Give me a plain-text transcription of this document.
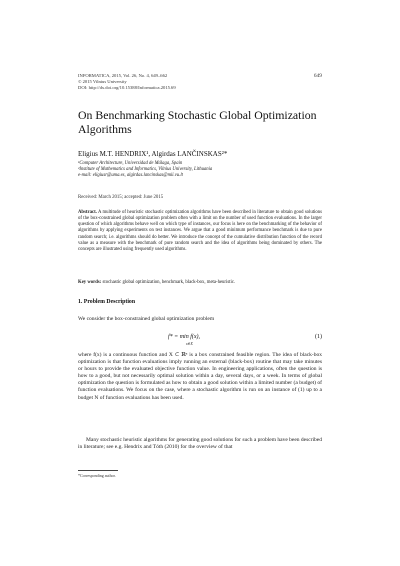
INFORMATICA, 2015, Vol. 26, No. 4, 649–662
© 2015 Vilnius University
DOI: http://dx.doi.org/10.15388/Informatica.2015.69
649
On Benchmarking Stochastic Global Optimization Algorithms
Eligius M.T. HENDRIX¹, Algirdas LANČINSKAS²*
¹Computer Architecture, Universidad de Málaga, Spain
²Institute of Mathematics and Informatics, Vilnius University, Lithuania
e-mail: eligiusr@uma.es, algirdas.lancinskas@mii.vu.lt
Received: March 2015; accepted: June 2015
Abstract. A multitude of heuristic stochastic optimization algorithms have been described in literature to obtain good solutions of the box-constrained global optimization problem often with a limit on the number of used function evaluations. In the larger question of which algorithms behave well on which type of instances, our focus is here on the benchmarking of the behavior of algorithms by applying experiments on test instances. We argue that a good minimum performance benchmark is due to pure random search; i.e. algorithms should do better. We introduce the concept of the cumulative distribution function of the record value as a measure with the benchmark of pure random search and the idea of algorithms being dominated by others. The concepts are illustrated using frequently used algorithms.
Key words: stochastic global optimization, benchmark, black-box, meta-heuristic.
1. Problem Description
We consider the box-constrained global optimization problem
f* = min f(x),
x∈X
(1)
where f(x) is a continuous function and X ⊂ ℝⁿ is a box constrained feasible region. The idea of black-box optimization is that function evaluations imply running an external (black-box) routine that may take minutes or hours to provide the evaluated objective function value. In engineering applications, often the question is how to a good, but not necessarily optimal solution within a day, several days, or a week. In terms of global optimization the question is formulated as how to obtain a good solution within a limited number (a budget) of function evaluations. We focus on the case, where a stochastic algorithm is run on an instance of (1) up to a budget N of function evaluations has been used.
Many stochastic heuristic algorithms for generating good solutions for such a problem have been described in literature; see e.g. Hendrix and Tóth (2010) for the overview of that
*Corresponding author.
